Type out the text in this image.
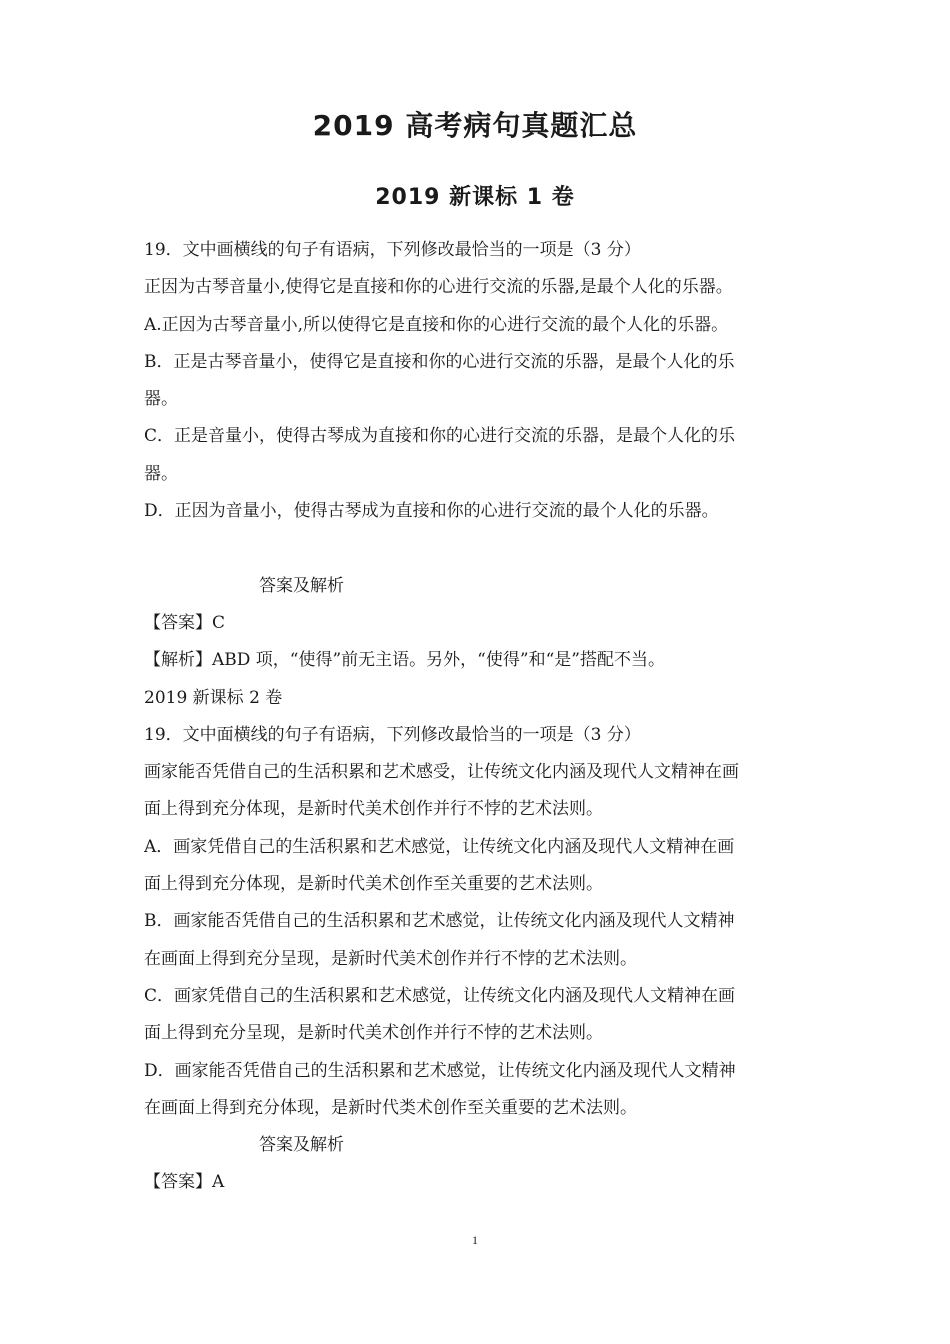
2019 高考病句真题汇总
2019 新课标 1 卷
19．文中画横线的句子有语病，下列修改最恰当的一项是（3 分）
正因为古琴音量小,使得它是直接和你的心进行交流的乐器,是最个人化的乐器。
A.正因为古琴音量小,所以使得它是直接和你的心进行交流的最个人化的乐器。
B．正是古琴音量小，使得它是直接和你的心进行交流的乐器，是最个人化的乐
器。
C．正是音量小，使得古琴成为直接和你的心进行交流的乐器，是最个人化的乐
器。
D．正因为音量小，使得古琴成为直接和你的心进行交流的最个人化的乐器。
答案及解析
【答案】C
【解析】ABD 项，“使得”前无主语。另外，“使得”和“是”搭配不当。
2019 新课标 2 卷
19．文中面横线的句子有语病，下列修改最恰当的一项是（3 分）
画家能否凭借自己的生活积累和艺术感受，让传统文化内涵及现代人文精神在画
面上得到充分体现，是新时代美术创作并行不悖的艺术法则。
A．画家凭借自己的生活积累和艺术感觉，让传统文化内涵及现代人文精神在画
面上得到充分体现，是新时代美术创作至关重要的艺术法则。
B．画家能否凭借自己的生活积累和艺术感觉，让传统文化内涵及现代人文精神
在画面上得到充分呈现，是新时代美术创作并行不悖的艺术法则。
C．画家凭借自己的生活积累和艺术感觉，让传统文化内涵及现代人文精神在画
面上得到充分呈现，是新时代美术创作并行不悖的艺术法则。
D．画家能否凭借自己的生活积累和艺术感觉，让传统文化内涵及现代人文精神
在画面上得到充分体现，是新时代类术创作至关重要的艺术法则。
答案及解析
【答案】A
1
